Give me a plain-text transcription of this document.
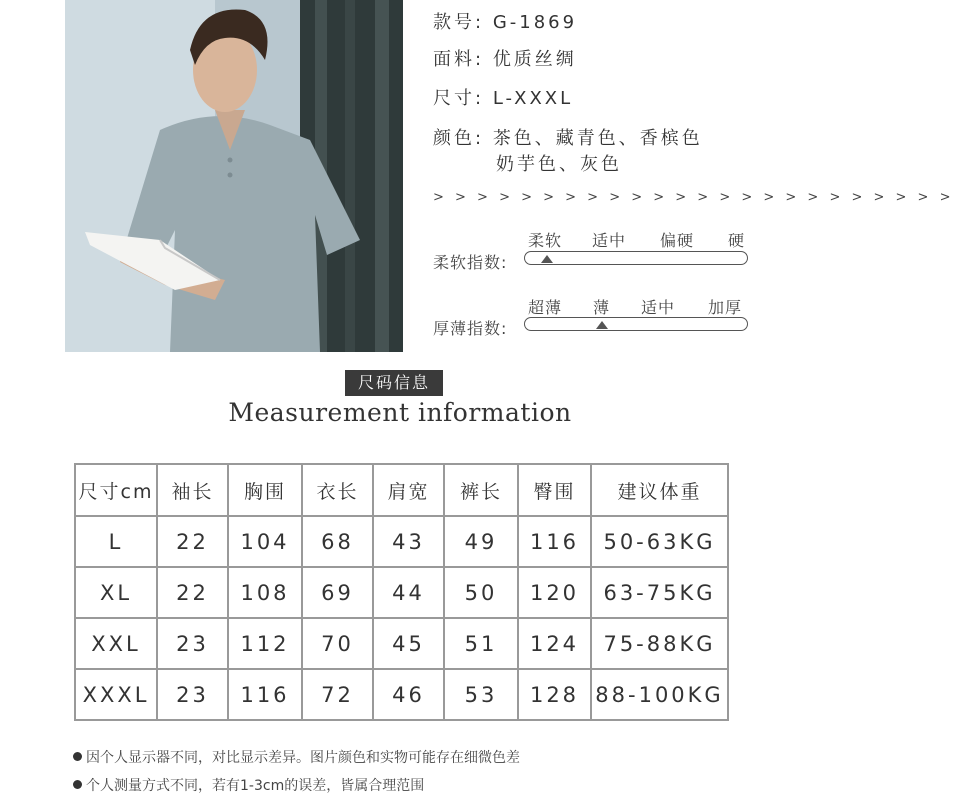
款号: G-1869
面料: 优质丝绸
尺寸: L-XXXL
颜色: 茶色、藏青色、香槟色
奶芋色、灰色
> > > > > > > > > > > > > > > > > > > > > > > >
柔软 适中 偏硬 硬
柔软指数:
超薄 薄 适中 加厚
厚薄指数:
尺码信息
Measurement information
尺寸cm	袖长	胸围	衣长	肩宽	裤长	臀围	建议体重
L	22	104	68	43	49	116	50-63KG
XL	22	108	69	44	50	120	63-75KG
XXL	23	112	70	45	51	124	75-88KG
XXXL	23	116	72	46	53	128	88-100KG
因个人显示器不同，对比显示差异。图片颜色和实物可能存在细微色差
个人测量方式不同，若有1-3cm的误差，皆属合理范围
